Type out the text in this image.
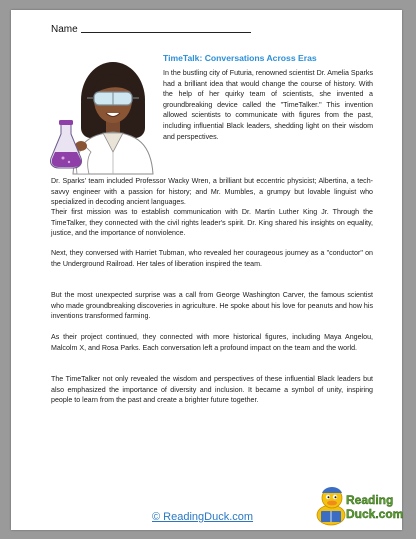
Name
TimeTalk: Conversations Across Eras

In the bustling city of Futuria, renowned scientist Dr. Amelia Sparks had a brilliant idea that would change the course of history. With the help of her quirky team of scientists, she invented a groundbreaking device called the "TimeTalker." This invention allowed scientists to communicate with figures from the past, including influential Black leaders, shedding light on their wisdom and perspectives.

Dr. Sparks' team included Professor Wacky Wren, a brilliant but eccentric physicist; Albertina, a tech-savvy engineer with a passion for history; and Mr. Mumbles, a grumpy but lovable linguist who specialized in decoding ancient languages.

Their first mission was to establish communication with Dr. Martin Luther King Jr. Through the TimeTalker, they connected with the civil rights leader's spirit. Dr. King shared his insights on equality, justice, and the importance of nonviolence.

Next, they conversed with Harriet Tubman, who revealed her courageous journey as a "conductor" on the Underground Railroad. Her tales of liberation inspired the team.

But the most unexpected surprise was a call from George Washington Carver, the famous scientist who made groundbreaking discoveries in agriculture. He spoke about his love for peanuts and how his inventions transformed farming.

As their project continued, they connected with more historical figures, including Maya Angelou, Malcolm X, and Rosa Parks. Each conversation left a profound impact on the team and the world.

The TimeTalker not only revealed the wisdom and perspectives of these influential Black leaders but also emphasized the importance of diversity and inclusion. It became a symbol of unity, inspiring people to learn from the past and create a brighter future together.

© ReadingDuck.com
Reading
Duck.com
